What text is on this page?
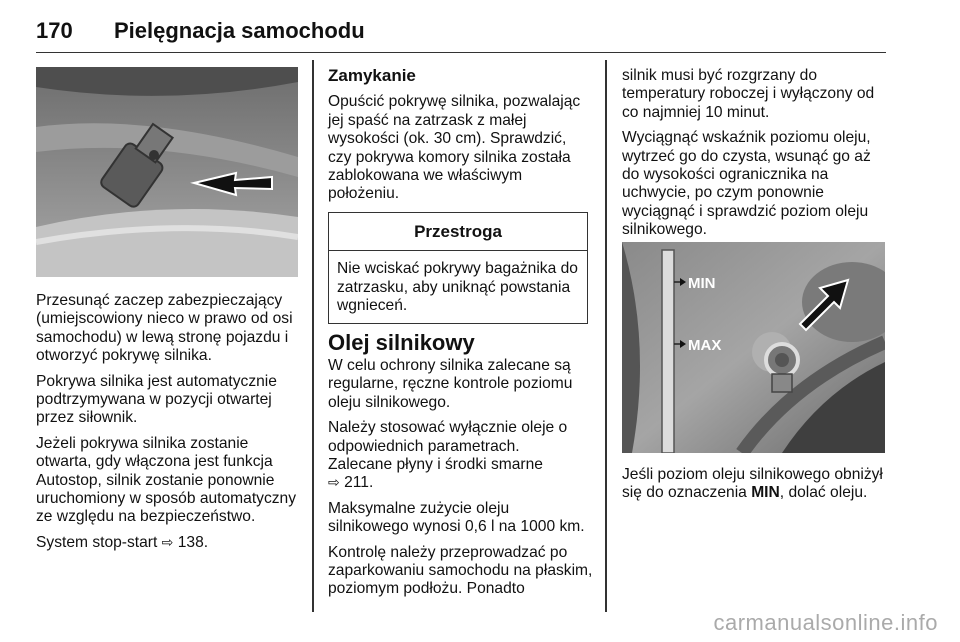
170 Pielęgnacja samochodu

Przesunąć zaczep zabezpieczający (umiejscowiony nieco w prawo od osi samochodu) w lewą stronę pojazdu i otworzyć pokrywę silnika.

Pokrywa silnika jest automatycznie podtrzymywana w pozycji otwartej przez siłownik.

Jeżeli pokrywa silnika zostanie otwarta, gdy włączona jest funkcja Autostop, silnik zostanie ponownie uruchomiony w sposób automatyczny ze względu na bezpieczeństwo.

System stop-start ⇨ 138.

Zamykanie

Opuścić pokrywę silnika, pozwalając jej spaść na zatrzask z małej wysokości (ok. 30 cm). Sprawdzić, czy pokrywa komory silnika została zablokowana we właściwym położeniu.

Przestroga
Nie wciskać pokrywy bagażnika do zatrzasku, aby uniknąć powstania wgnieceń.
Olej silnikowy

W celu ochrony silnika zalecane są regularne, ręczne kontrole poziomu oleju silnikowego.

Należy stosować wyłącznie oleje o odpowiednich parametrach.
Zalecane płyny i środki smarne
⇨ 211.

Maksymalne zużycie oleju silnikowego wynosi 0,6 l na 1000 km.

Kontrolę należy przeprowadzać po zaparkowaniu samochodu na płaskim, poziomym podłożu. Ponadto

silnik musi być rozgrzany do temperatury roboczej i wyłączony od co najmniej 10 minut.

Wyciągnąć wskaźnik poziomu oleju, wytrzeć go do czysta, wsunąć go aż do wysokości ogranicznika na uchwycie, po czym ponownie wyciągnąć i sprawdzić poziom oleju silnikowego.

MIN
MAX

Jeśli poziom oleju silnikowego obniżył się do oznaczenia MIN, dolać oleju.

carmanualsonline.info
